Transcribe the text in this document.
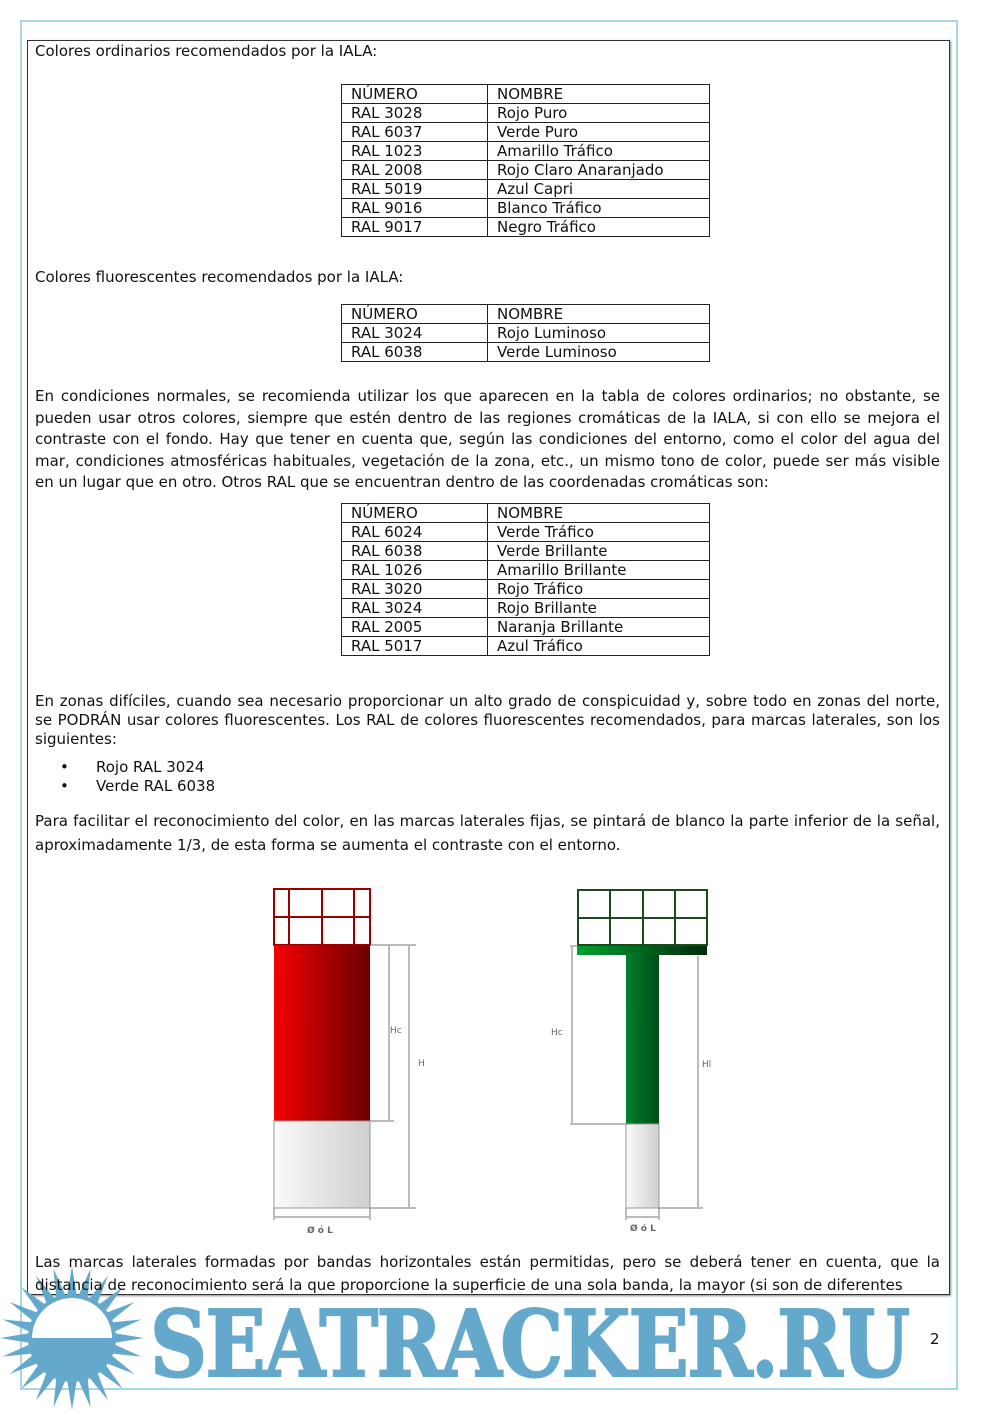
Colores ordinarios recomendados por la IALA:
NÚMERO	NOMBRE
RAL 3028	Rojo Puro
RAL 6037	Verde Puro
RAL 1023	Amarillo Tráfico
RAL 2008	Rojo Claro Anaranjado
RAL 5019	Azul Capri
RAL 9016	Blanco Tráfico
RAL 9017	Negro Tráfico
Colores fluorescentes recomendados por la IALA:
NÚMERO	NOMBRE
RAL 3024	Rojo Luminoso
RAL 6038	Verde Luminoso
En condiciones normales, se recomienda utilizar los que aparecen en la tabla de colores ordinarios; no obstante, se pueden usar otros colores, siempre que estén dentro de las regiones cromáticas de la IALA, si con ello se mejora el contraste con el fondo. Hay que tener en cuenta que, según las condiciones del entorno, como el color del agua del mar, condiciones atmosféricas habituales, vegetación de la zona, etc., un mismo tono de color, puede ser más visible en un lugar que en otro. Otros RAL que se encuentran dentro de las coordenadas cromáticas son:
NÚMERO	NOMBRE
RAL 6024	Verde Tráfico
RAL 6038	Verde Brillante
RAL 1026	Amarillo Brillante
RAL 3020	Rojo Tráfico
RAL 3024	Rojo Brillante
RAL 2005	Naranja Brillante
RAL 5017	Azul Tráfico
En zonas difíciles, cuando sea necesario proporcionar un alto grado de conspicuidad y, sobre todo en zonas del norte, se PODRÁN usar colores fluorescentes. Los RAL de colores fluorescentes recomendados, para marcas laterales, son los siguientes:
• Rojo RAL 3024
• Verde RAL 6038
Para facilitar el reconocimiento del color, en las marcas laterales fijas, se pintará de blanco la parte inferior de la señal, aproximadamente 1/3, de esta forma se aumenta el contraste con el entorno.
Hc
H
Ø ó L
Hc
Hl
Ø ó L
SEATRACKER.RU
Las marcas laterales formadas por bandas horizontales están permitidas, pero se deberá tener en cuenta, que la distancia de reconocimiento será la que proporcione la superficie de una sola banda, la mayor (si son de diferentes
2
